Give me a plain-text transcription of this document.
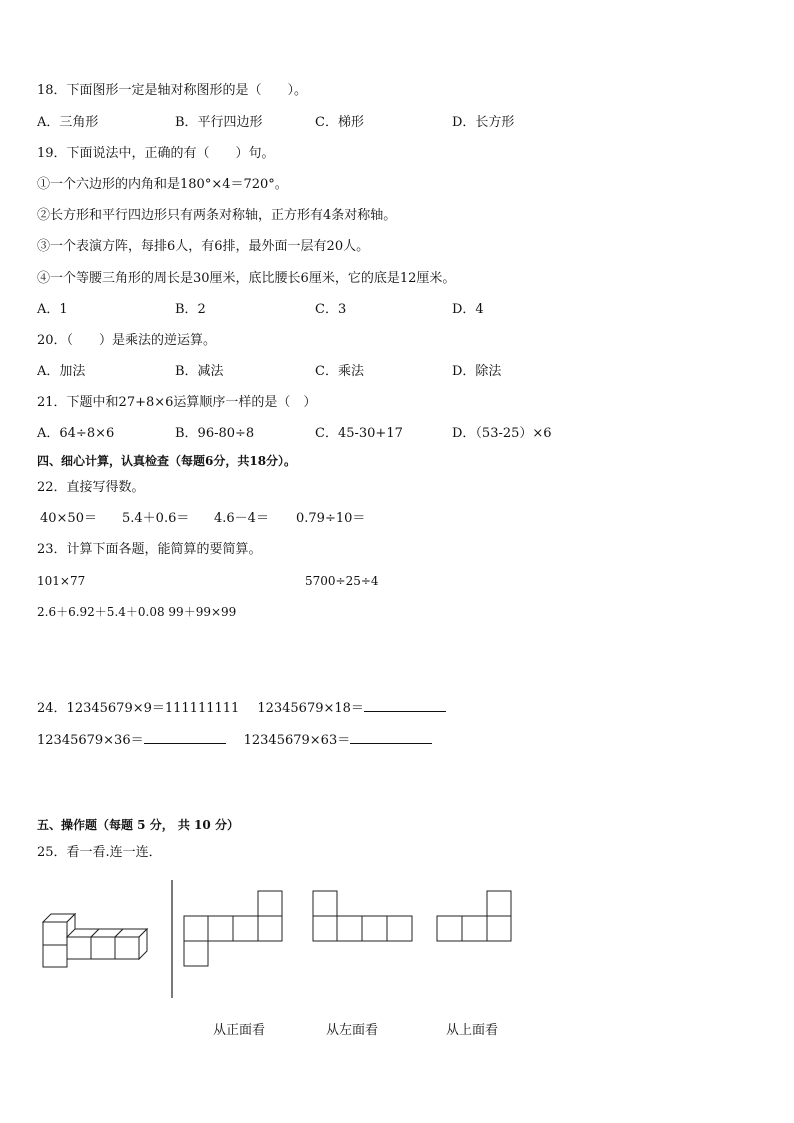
18．下面图形一定是轴对称图形的是（　　）。
A．三角形	B．平行四边形	C．梯形	D．长方形
19．下面说法中，正确的有（　　）句。
①一个六边形的内角和是180°×4＝720°。
②长方形和平行四边形只有两条对称轴，正方形有4条对称轴。
③一个表演方阵，每排6人，有6排，最外面一层有20人。
④一个等腰三角形的周长是30厘米，底比腰长6厘米，它的底是12厘米。
A．1	B．2	C．3	D．4
20．（　　）是乘法的逆运算。
A．加法	B．减法	C．乘法	D．除法
21．下题中和27+8×6运算顺序一样的是（　）
A．64÷8×6	B．96-80÷8	C．45-30+17	D．（53-25）×6
四、细心计算，认真检查（每题6分，共18分）。
22．直接写得数。
40×50＝ 5.4＋0.6＝ 4.6－4＝ 0.79÷10＝
23．计算下面各题，能简算的要简算。
101×77	5700÷25÷4
2.6＋6.92＋5.4＋0.08 99＋99×99
24．12345679×9＝111111111 12345679×18＝
12345679×36＝	12345679×63＝
五、操作题（每题 5 分， 共 10 分）
25．看一看.连一连．
从正面看	从左面看	从上面看
